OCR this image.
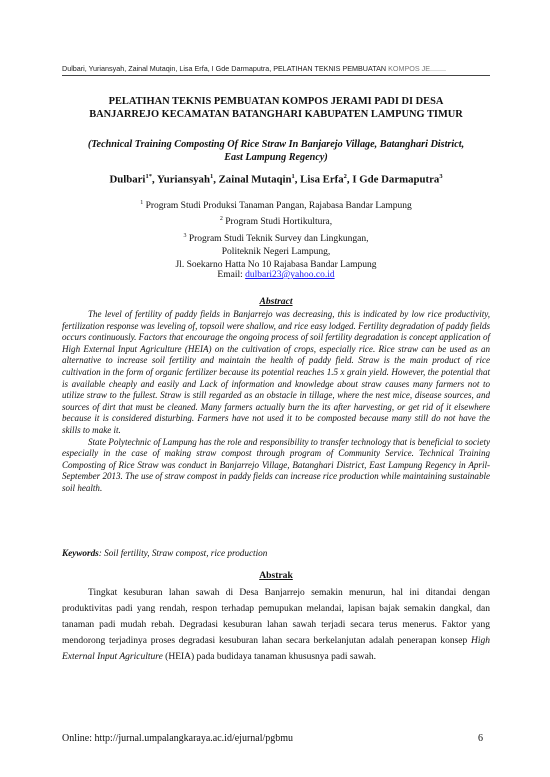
Dulbari, Yuriansyah, Zainal Mutaqin, Lisa Erfa, I Gde Darmaputra, PELATIHAN TEKNIS PEMBUATAN KOMPOS JE........
PELATIHAN TEKNIS PEMBUATAN KOMPOS JERAMI PADI DI DESA
BANJARREJO KECAMATAN BATANGHARI KABUPATEN LAMPUNG TIMUR
(Technical Training Composting Of Rice Straw In Banjarejo Village, Batanghari District,
East Lampung Regency)
Dulbari$^{1*}$, Yuriansyah$^1$, Zainal Mutaqin$^1$, Lisa Erfa$^2$, I Gde Darmaputra$^3$
$^1$ Program Studi Produksi Tanaman Pangan, Rajabasa Bandar Lampung
$^2$ Program Studi Hortikultura,
$^3$ Program Studi Teknik Survey dan Lingkungan,
Politeknik Negeri Lampung,
Jl. Soekarno Hatta No 10 Rajabasa Bandar Lampung
Email: dulbari23@yahoo.co.id
Abstract

The level of fertility of paddy fields in Banjarrejo was decreasing, this is indicated by low rice productivity, fertilization response was leveling of, topsoil were shallow, and rice easy lodged. Fertility degradation of paddy fields occurs continuously. Factors that encourage the ongoing process of soil fertility degradation is concept application of High External Input Agriculture (HEIA) on the cultivation of crops, especially rice. Rice straw can be used as an alternative to increase soil fertility and maintain the health of paddy field. Straw is the main product of rice cultivation in the form of organic fertilizer because its potential reaches 1.5 x grain yield. However, the potential that is available cheaply and easily and Lack of information and knowledge about straw causes many farmers not to utilize straw to the fullest. Straw is still regarded as an obstacle in tillage, where the nest mice, disease sources, and sources of dirt that must be cleaned. Many farmers actually burn the its after harvesting, or get rid of it elsewhere because it is considered disturbing. Farmers have not used it to be composted because many still do not have the skills to make it.

State Polytechnic of Lampung has the role and responsibility to transfer technology that is beneficial to society especially in the case of making straw compost through program of Community Service. Technical Training Composting of Rice Straw was conduct in Banjarrejo Village, Batanghari District, East Lampung Regency in April-September 2013. The use of straw compost in paddy fields can increase rice production while maintaining sustainable soil health.

Keywords: Soil fertility, Straw compost, rice production
Abstrak

Tingkat kesuburan lahan sawah di Desa Banjarrejo semakin menurun, hal ini ditandai dengan produktivitas padi yang rendah, respon terhadap pemupukan melandai, lapisan bajak semakin dangkal, dan tanaman padi mudah rebah. Degradasi kesuburan lahan sawah terjadi secara terus menerus. Faktor yang mendorong terjadinya proses degradasi kesuburan lahan secara berkelanjutan adalah penerapan konsep High External Input Agriculture (HEIA) pada budidaya tanaman khususnya padi sawah.

Online: http://jurnal.umpalangkaraya.ac.id/ejurnal/pgbmu	6
